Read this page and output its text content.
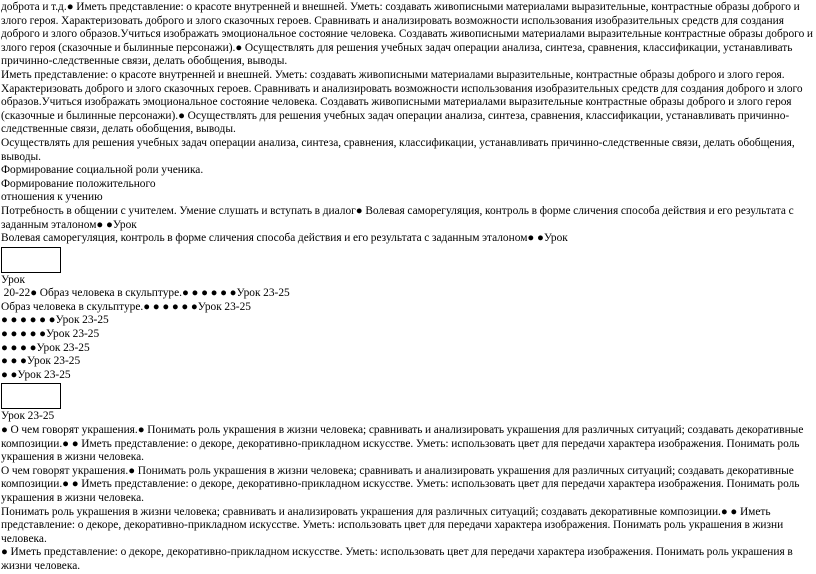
доброта и т.д.● Иметь представление: о красоте внутренней и внешней. Уметь: создавать живописными материалами выразительные, контрастные образы доброго и злого героя. Характеризовать доброго и злого сказочных героев. Сравнивать и анализировать возможности использования изобразительных средств для создания доброго и злого образов.Учиться изображать эмоциональное состояние человека. Создавать живописными материалами выразительные контрастные образы доброго и злого героя (сказочные и былинные персонажи).● Осуществлять для решения учебных задач операции анализа, синтеза, сравнения, классификации, устанавливать причинно-следственные связи, делать обобщения, выводы.

Иметь представление: о красоте внутренней и внешней. Уметь: создавать живописными материалами выразительные, контрастные образы доброго и злого героя. Характеризовать доброго и злого сказочных героев. Сравнивать и анализировать возможности использования изобразительных средств для создания доброго и злого образов.Учиться изображать эмоциональное состояние человека. Создавать живописными материалами выразительные контрастные образы доброго и злого героя (сказочные и былинные персонажи).● Осуществлять для решения учебных задач операции анализа, синтеза, сравнения, классификации, устанавливать причинно-следственные связи, делать обобщения, выводы.

Осуществлять для решения учебных задач операции анализа, синтеза, сравнения, классификации, устанавливать причинно-следственные связи, делать обобщения, выводы.

Формирование социальной роли ученика.

Формирование положительного

отношения к учению

Потребность в общении с учителем. Умение слушать и вступать в диалог● Волевая саморегуляция, контроль в форме сличения способа действия и его результата с заданным эталоном● ●Урок

Волевая саморегуляция, контроль в форме сличения способа действия и его результата с заданным эталоном● ●Урок

Урок

20-22● Образ человека в скульптуре.● ● ● ● ● ●Урок 23-25

Образ человека в скульптуре.● ● ● ● ● ●Урок 23-25

● ● ● ● ● ●Урок 23-25

● ● ● ● ●Урок 23-25

● ● ● ●Урок 23-25

● ● ●Урок 23-25

● ●Урок 23-25

Урок 23-25

● О чем говорят украшения.● Понимать роль украшения в жизни человека; сравнивать и анализировать украшения для различных ситуаций; создавать декоративные композиции.● ● Иметь представление: о декоре, декоративно-прикладном искусстве. Уметь: использовать цвет для передачи характера изображения. Понимать роль украшения в жизни человека.

О чем говорят украшения.● Понимать роль украшения в жизни человека; сравнивать и анализировать украшения для различных ситуаций; создавать декоративные композиции.● ● Иметь представление: о декоре, декоративно-прикладном искусстве. Уметь: использовать цвет для передачи характера изображения. Понимать роль украшения в жизни человека.

Понимать роль украшения в жизни человека; сравнивать и анализировать украшения для различных ситуаций; создавать декоративные композиции.● ● Иметь представление: о декоре, декоративно-прикладном искусстве. Уметь: использовать цвет для передачи характера изображения. Понимать роль украшения в жизни человека.

● Иметь представление: о декоре, декоративно-прикладном искусстве. Уметь: использовать цвет для передачи характера изображения. Понимать роль украшения в жизни человека.
